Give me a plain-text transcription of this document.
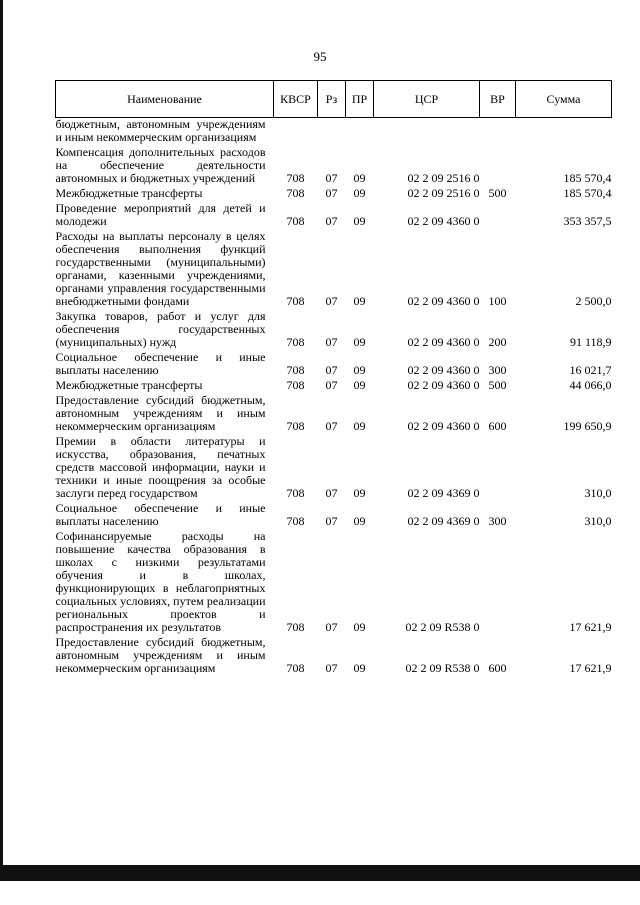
95
Наименование	КВСР	Рз	ПР	ЦСР	ВР	Сумма
бюджетным, автономным учреждениям и иным некоммерческим организациям						

Компенсация дополнительных расходов на обеспечение деятельности автономных и бюджетных учреждений	708	07	09	02 2 09 2516 0		185 570,4

Межбюджетные трансферты	708	07	09	02 2 09 2516 0	500	185 570,4

Проведение мероприятий для детей и молодежи	708	07	09	02 2 09 4360 0		353 357,5

Расходы на выплаты персоналу в целях обеспечения выполнения функций государственными (муниципальными) органами, казенными учреждениями, органами управления государственными внебюджетными фондами	708	07	09	02 2 09 4360 0	100	2 500,0

Закупка товаров, работ и услуг для обеспечения государственных (муниципальных) нужд	708	07	09	02 2 09 4360 0	200	91 118,9

Социальное обеспечение и иные выплаты населению	708	07	09	02 2 09 4360 0	300	16 021,7

Межбюджетные трансферты	708	07	09	02 2 09 4360 0	500	44 066,0

Предоставление субсидий бюджетным, автономным учреждениям и иным некоммерческим организациям	708	07	09	02 2 09 4360 0	600	199 650,9

Премии в области литературы и искусства, образования, печатных средств массовой информации, науки и техники и иные поощрения за особые заслуги перед государством	708	07	09	02 2 09 4369 0		310,0

Социальное обеспечение и иные выплаты населению	708	07	09	02 2 09 4369 0	300	310,0

Софинансируемые расходы на повышение качества образования в школах с низкими результатами обучения и в школах, функционирующих в неблагоприятных социальных условиях, путем реализации региональных проектов и распространения их результатов	708	07	09	02 2 09 R538 0		17 621,9

Предоставление субсидий бюджетным, автономным учреждениям и иным некоммерческим организациям	708	07	09	02 2 09 R538 0	600	17 621,9
